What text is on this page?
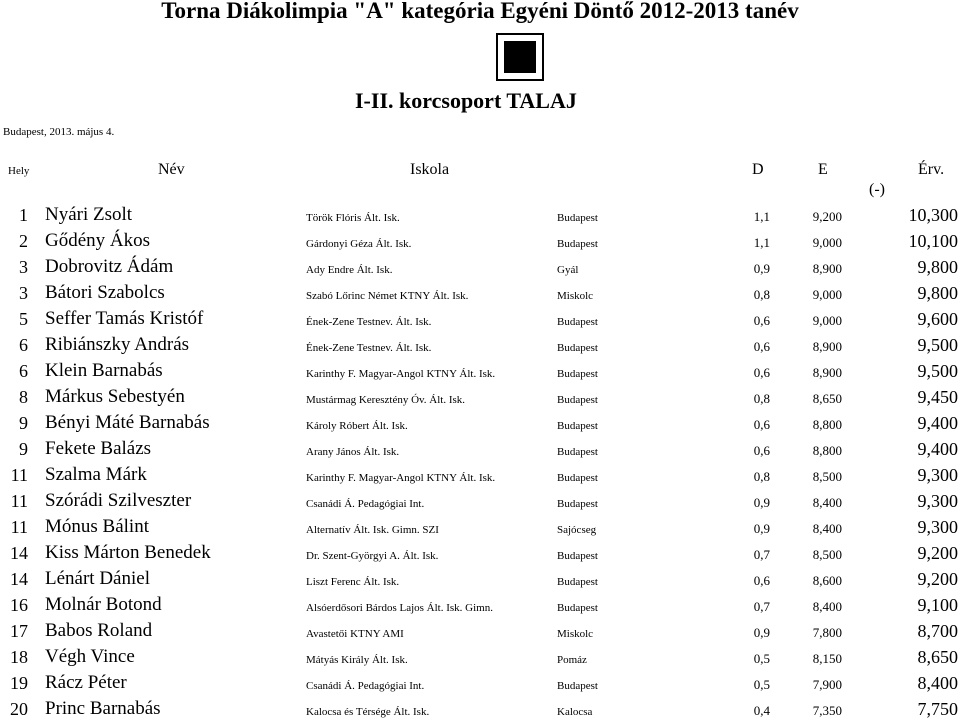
Torna Diákolimpia "A" kategória Egyéni Döntő 2012-2013 tanév
I-II. korcsoport TALAJ
Budapest, 2013. május 4.
Hely	Név	Iskola	D	E	Érv.
(-)
1 Nyári Zsolt	Török Flóris Ált. Isk.	Budapest	1,1	9,200	10,300
2 Gődény Ákos	Gárdonyi Géza Ált. Isk.	Budapest	1,1	9,000	10,100
3 Dobrovitz Ádám	Ady Endre Ált. Isk.	Gyál	0,9	8,900	9,800
3 Bátori Szabolcs	Szabó Lőrinc Német KTNY Ált. Isk.	Miskolc	0,8	9,000	9,800
5 Seffer Tamás Kristóf	Ének-Zene Testnev. Ált. Isk.	Budapest	0,6	9,000	9,600
6 Ribiánszky András	Ének-Zene Testnev. Ált. Isk.	Budapest	0,6	8,900	9,500
6 Klein Barnabás	Karinthy F. Magyar-Angol KTNY Ált. Isk.	Budapest	0,6	8,900	9,500
8 Márkus Sebestyén	Mustármag Keresztény Óv. Ált. Isk.	Budapest	0,8	8,650	9,450
9 Bényi Máté Barnabás	Károly Róbert Ált. Isk.	Budapest	0,6	8,800	9,400
9 Fekete Balázs	Arany János Ált. Isk.	Budapest	0,6	8,800	9,400
11 Szalma Márk	Karinthy F. Magyar-Angol KTNY Ált. Isk.	Budapest	0,8	8,500	9,300
11 Szórádi Szilveszter	Csanádi Á. Pedagógiai Int.	Budapest	0,9	8,400	9,300
11 Mónus Bálint	Alternatív Ált. Isk. Gimn. SZI	Sajócseg	0,9	8,400	9,300
14 Kiss Márton Benedek	Dr. Szent-Györgyi A. Ált. Isk.	Budapest	0,7	8,500	9,200
14 Lénárt Dániel	Liszt Ferenc Ált. Isk.	Budapest	0,6	8,600	9,200
16 Molnár Botond	Alsóerdősori Bárdos Lajos Ált. Isk. Gimn.	Budapest	0,7	8,400	9,100
17 Babos Roland	Avastetői KTNY AMI	Miskolc	0,9	7,800	8,700
18 Végh Vince	Mátyás Király Ált. Isk.	Pomáz	0,5	8,150	8,650
19 Rácz Péter	Csanádi Á. Pedagógiai Int.	Budapest	0,5	7,900	8,400
20 Princ Barnabás	Kalocsa és Térsége Ált. Isk.	Kalocsa	0,4	7,350	7,750
